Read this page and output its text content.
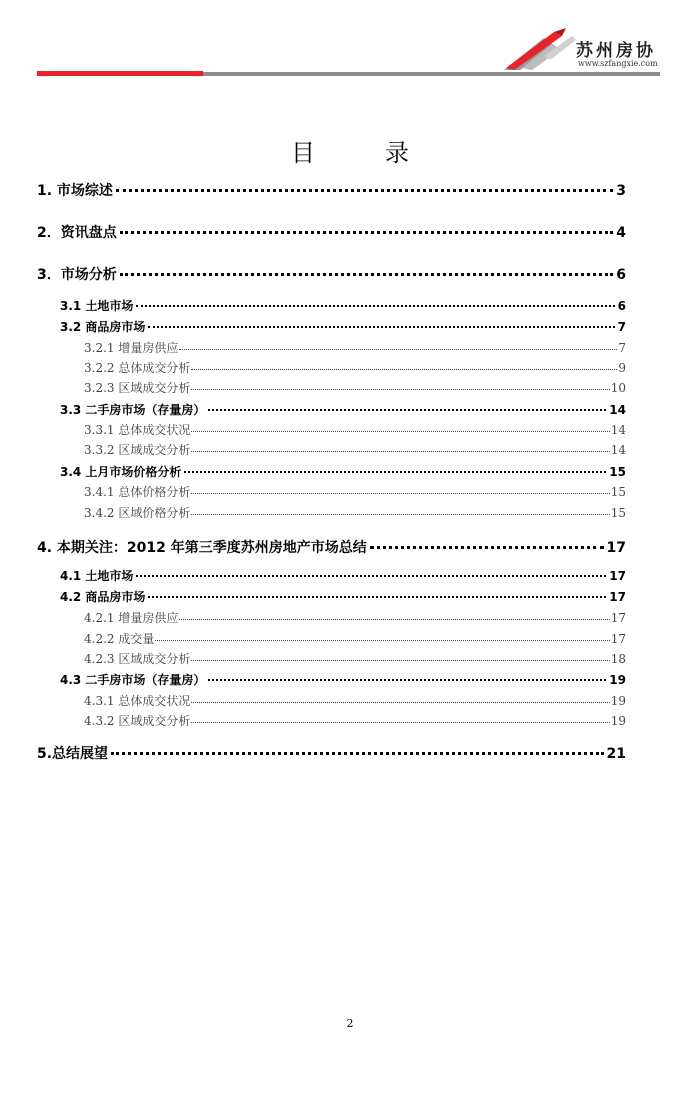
苏州房协
www.szfangxie.com
目录
1. 市场综述	3
2．资讯盘点	4
3．市场分析	6
3.1 土地市场	6
3.2 商品房市场	7
3.2.1 增量房供应	7
3.2.2 总体成交分析	9
3.2.3 区域成交分析	10
3.3 二手房市场（存量房）	14
3.3.1 总体成交状况	14
3.3.2 区域成交分析	14
3.4 上月市场价格分析	15
3.4.1 总体价格分析	15
3.4.2 区域价格分析	15
4. 本期关注：2012 年第三季度苏州房地产市场总结	17
4.1 土地市场	17
4.2 商品房市场	17
4.2.1 增量房供应	17
4.2.2 成交量	17
4.2.3 区域成交分析	18
4.3 二手房市场（存量房）	19
4.3.1 总体成交状况	19
4.3.2 区域成交分析	19
5.总结展望	21
2
